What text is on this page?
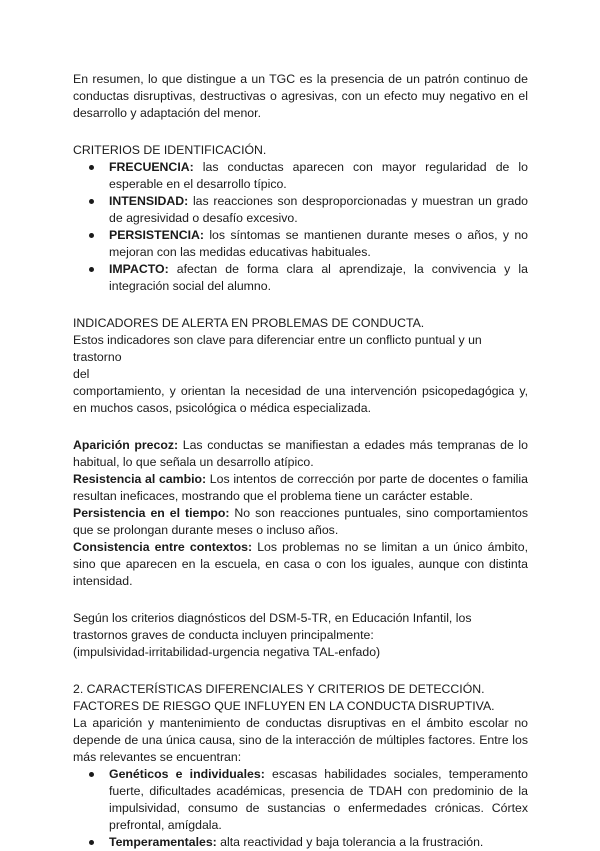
En resumen, lo que distingue a un TGC es la presencia de un patrón continuo de conductas disruptivas, destructivas o agresivas, con un efecto muy negativo en el desarrollo y adaptación del menor.

CRITERIOS DE IDENTIFICACIÓN.

FRECUENCIA: las conductas aparecen con mayor regularidad de lo esperable en el desarrollo típico.
INTENSIDAD: las reacciones son desproporcionadas y muestran un grado de agresividad o desafío excesivo.
PERSISTENCIA: los síntomas se mantienen durante meses o años, y no mejoran con las medidas educativas habituales.
IMPACTO: afectan de forma clara al aprendizaje, la convivencia y la integración social del alumno.

INDICADORES DE ALERTA EN PROBLEMAS DE CONDUCTA.

Estos indicadores son clave para diferenciar entre un conflicto puntual y un trastorno

del

comportamiento, y orientan la necesidad de una intervención psicopedagógica y, en muchos casos, psicológica o médica especializada.

Aparición precoz: Las conductas se manifiestan a edades más tempranas de lo habitual, lo que señala un desarrollo atípico.

Resistencia al cambio: Los intentos de corrección por parte de docentes o familia resultan ineficaces, mostrando que el problema tiene un carácter estable.

Persistencia en el tiempo: No son reacciones puntuales, sino comportamientos que se prolongan durante meses o incluso años.

Consistencia entre contextos: Los problemas no se limitan a un único ámbito, sino que aparecen en la escuela, en casa o con los iguales, aunque con distinta intensidad.

Según los criterios diagnósticos del DSM-5-TR, en Educación Infantil, los trastornos graves de conducta incluyen principalmente:

(impulsividad-irritabilidad-urgencia negativa TAL-enfado)

2. CARACTERÍSTICAS DIFERENCIALES Y CRITERIOS DE DETECCIÓN.

FACTORES DE RIESGO QUE INFLUYEN EN LA CONDUCTA DISRUPTIVA.

La aparición y mantenimiento de conductas disruptivas en el ámbito escolar no depende de una única causa, sino de la interacción de múltiples factores. Entre los más relevantes se encuentran:

Genéticos e individuales: escasas habilidades sociales, temperamento fuerte, dificultades académicas, presencia de TDAH con predominio de la impulsividad, consumo de sustancias o enfermedades crónicas. Córtex prefrontal, amígdala.
Temperamentales: alta reactividad y baja tolerancia a la frustración.
